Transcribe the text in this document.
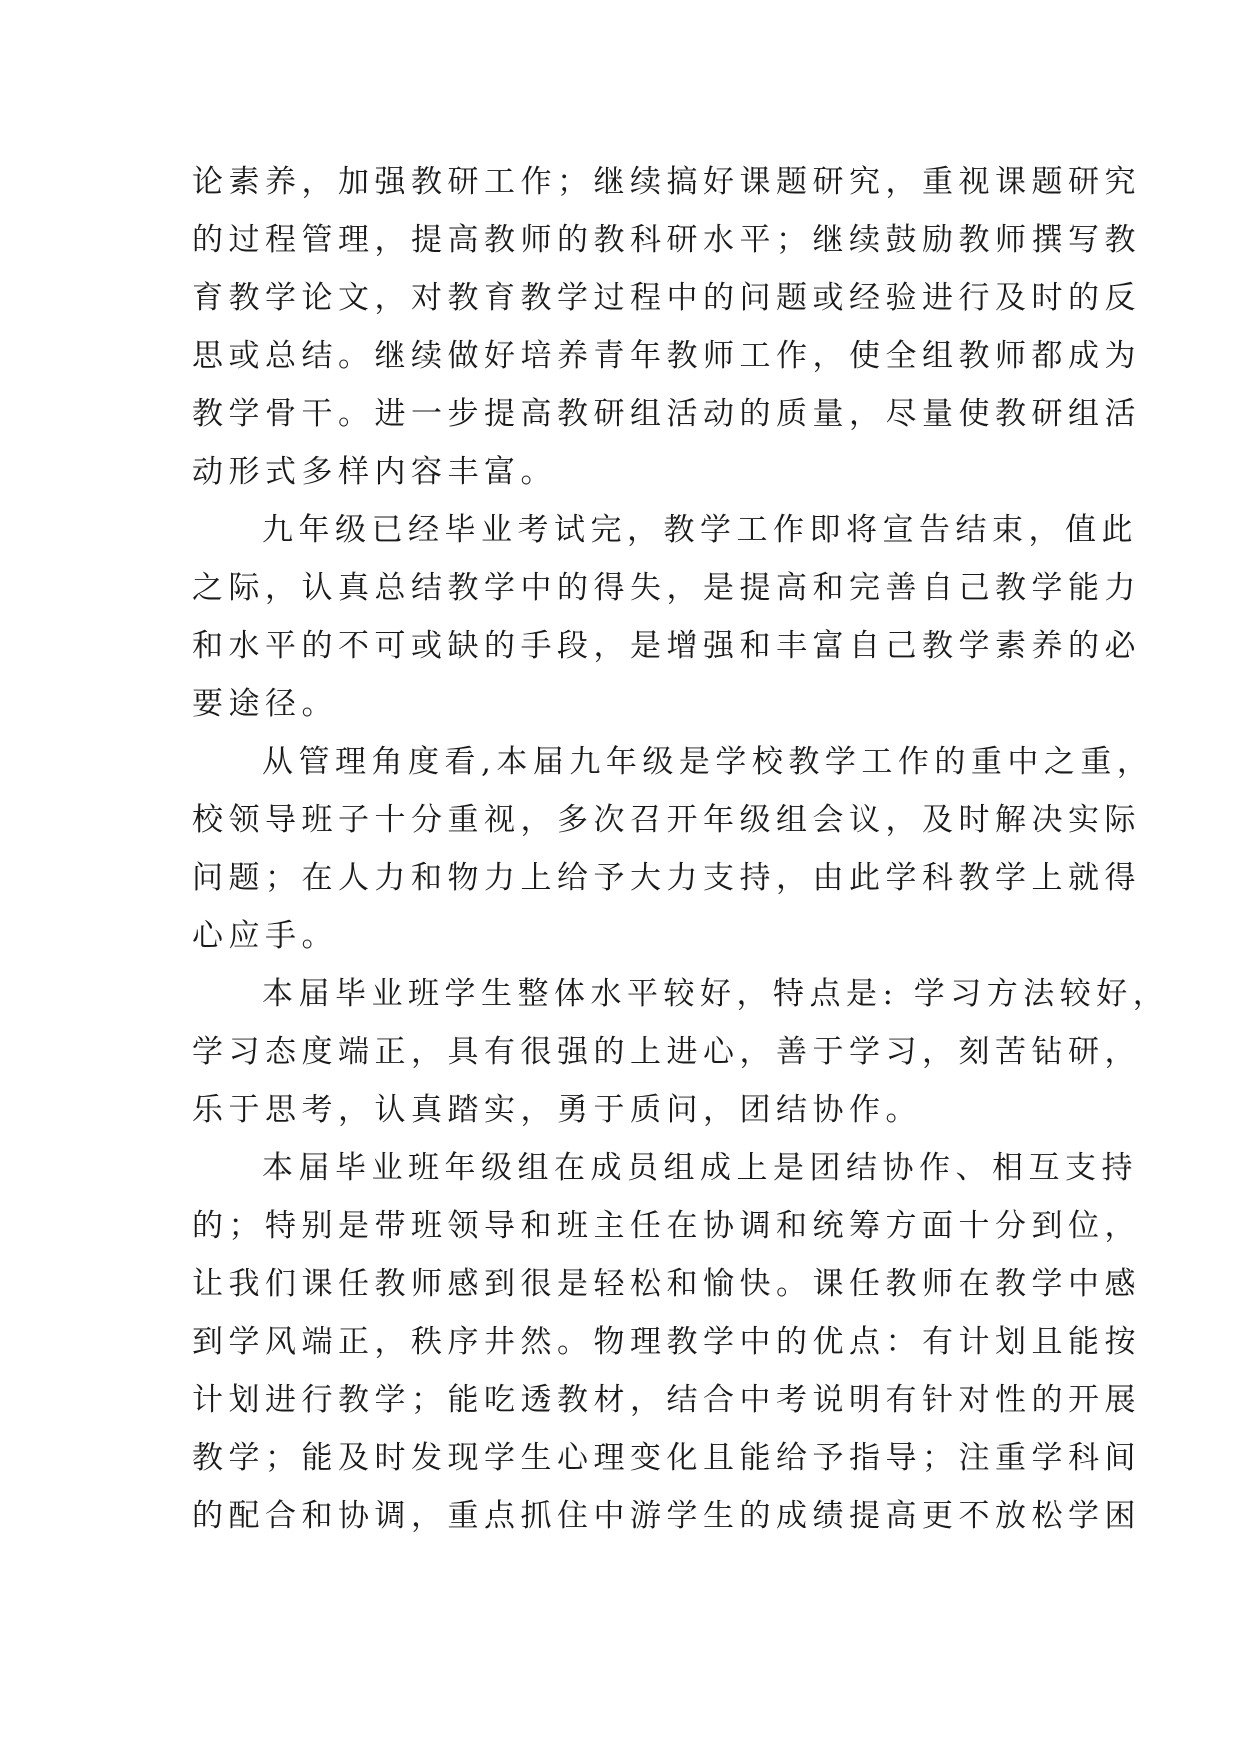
论素养，加强教研工作；继续搞好课题研究，重视课题研究
的过程管理，提高教师的教科研水平；继续鼓励教师撰写教
育教学论文，对教育教学过程中的问题或经验进行及时的反
思或总结。继续做好培养青年教师工作，使全组教师都成为
教学骨干。进一步提高教研组活动的质量，尽量使教研组活
动形式多样内容丰富。
九年级已经毕业考试完，教学工作即将宣告结束，值此
之际，认真总结教学中的得失，是提高和完善自己教学能力
和水平的不可或缺的手段，是增强和丰富自己教学素养的必
要途径。
从管理角度看,本届九年级是学校教学工作的重中之重，
校领导班子十分重视，多次召开年级组会议，及时解决实际
问题；在人力和物力上给予大力支持，由此学科教学上就得
心应手。
本届毕业班学生整体水平较好，特点是: 学习方法较好，
学习态度端正，具有很强的上进心，善于学习，刻苦钻研，
乐于思考，认真踏实，勇于质问，团结协作。
本届毕业班年级组在成员组成上是团结协作、相互支持
的；特别是带班领导和班主任在协调和统筹方面十分到位，
让我们课任教师感到很是轻松和愉快。课任教师在教学中感
到学风端正，秩序井然。物理教学中的优点：有计划且能按
计划进行教学；能吃透教材，结合中考说明有针对性的开展
教学；能及时发现学生心理变化且能给予指导；注重学科间
的配合和协调，重点抓住中游学生的成绩提高更不放松学困
